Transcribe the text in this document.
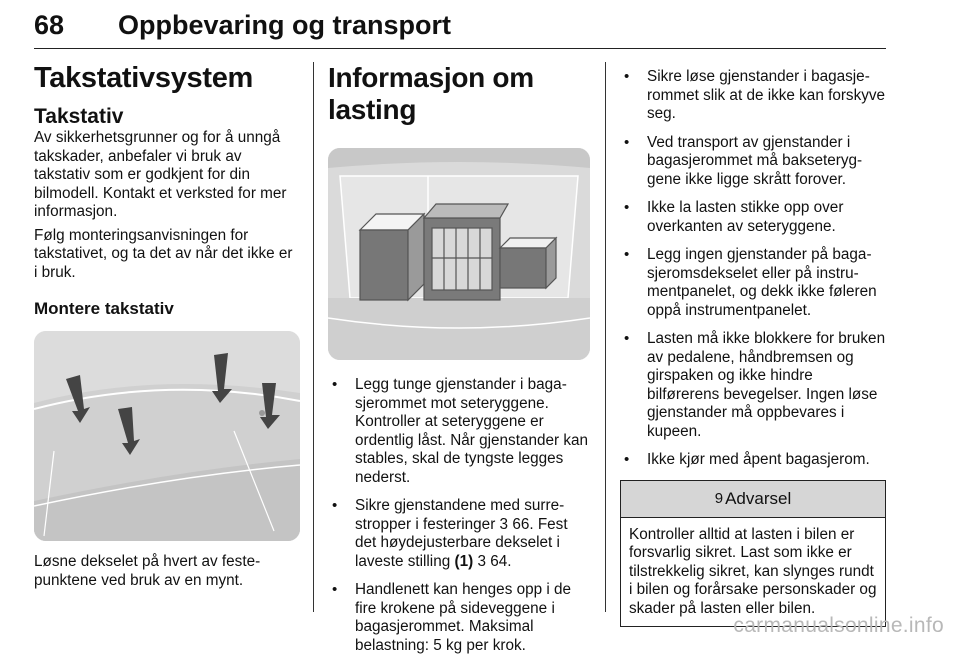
68 Oppbevaring og transport
Takstativsystem
Takstativ

Av sikkerhetsgrunner og for å unngå takskader, anbefaler vi bruk av takstativ som er godkjent for din bilmodell. Kontakt et verksted for mer informasjon.

Følg monteringsanvisningen for takstativet, og ta det av når det ikke er i bruk.

Montere takstativ

Løsne dekselet på hvert av festepunktene ved bruk av en mynt.

Informasjon om lasting
• Legg tunge gjenstander i bagasjerommet mot seteryggene. Kontroller at seteryggene er ordentlig låst. Når gjenstander kan stables, skal de tyngste legges nederst.
• Sikre gjenstandene med surrestropper i festeringer 3 66. Fest det høydejusterbare dekselet i laveste stilling (1) 3 64.
• Handlenett kan henges opp i de fire krokene på sideveggene i bagasjerommet. Maksimal belastning: 5 kg per krok.
• Sikre løse gjenstander i bagasjerommet slik at de ikke kan forskyve seg.
• Ved transport av gjenstander i bagasjerommet må bakseteryggene ikke ligge skrått forover.
• Ikke la lasten stikke opp over overkanten av seteryggene.
• Legg ingen gjenstander på bagasjeromsdekselet eller på instrumentpanelet, og dekk ikke føleren oppå instrumentpanelet.
• Lasten må ikke blokkere for bruken av pedalene, håndbremsen og girspaken og ikke hindre bilførerens bevegelser. Ingen løse gjenstander må oppbevares i kupeen.
• Ikke kjør med åpent bagasjerom.
9 Advarsel
Kontroller alltid at lasten i bilen er forsvarlig sikret. Last som ikke er tilstrekkelig sikret, kan slynges rundt i bilen og forårsake personskader og skader på lasten eller bilen.
carmanualsonline.info
